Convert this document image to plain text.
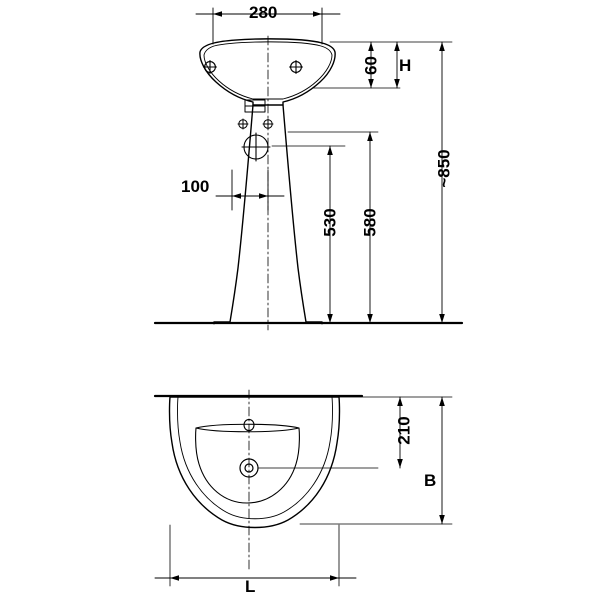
280
60 H
100
530 580
~850
210
B
L
